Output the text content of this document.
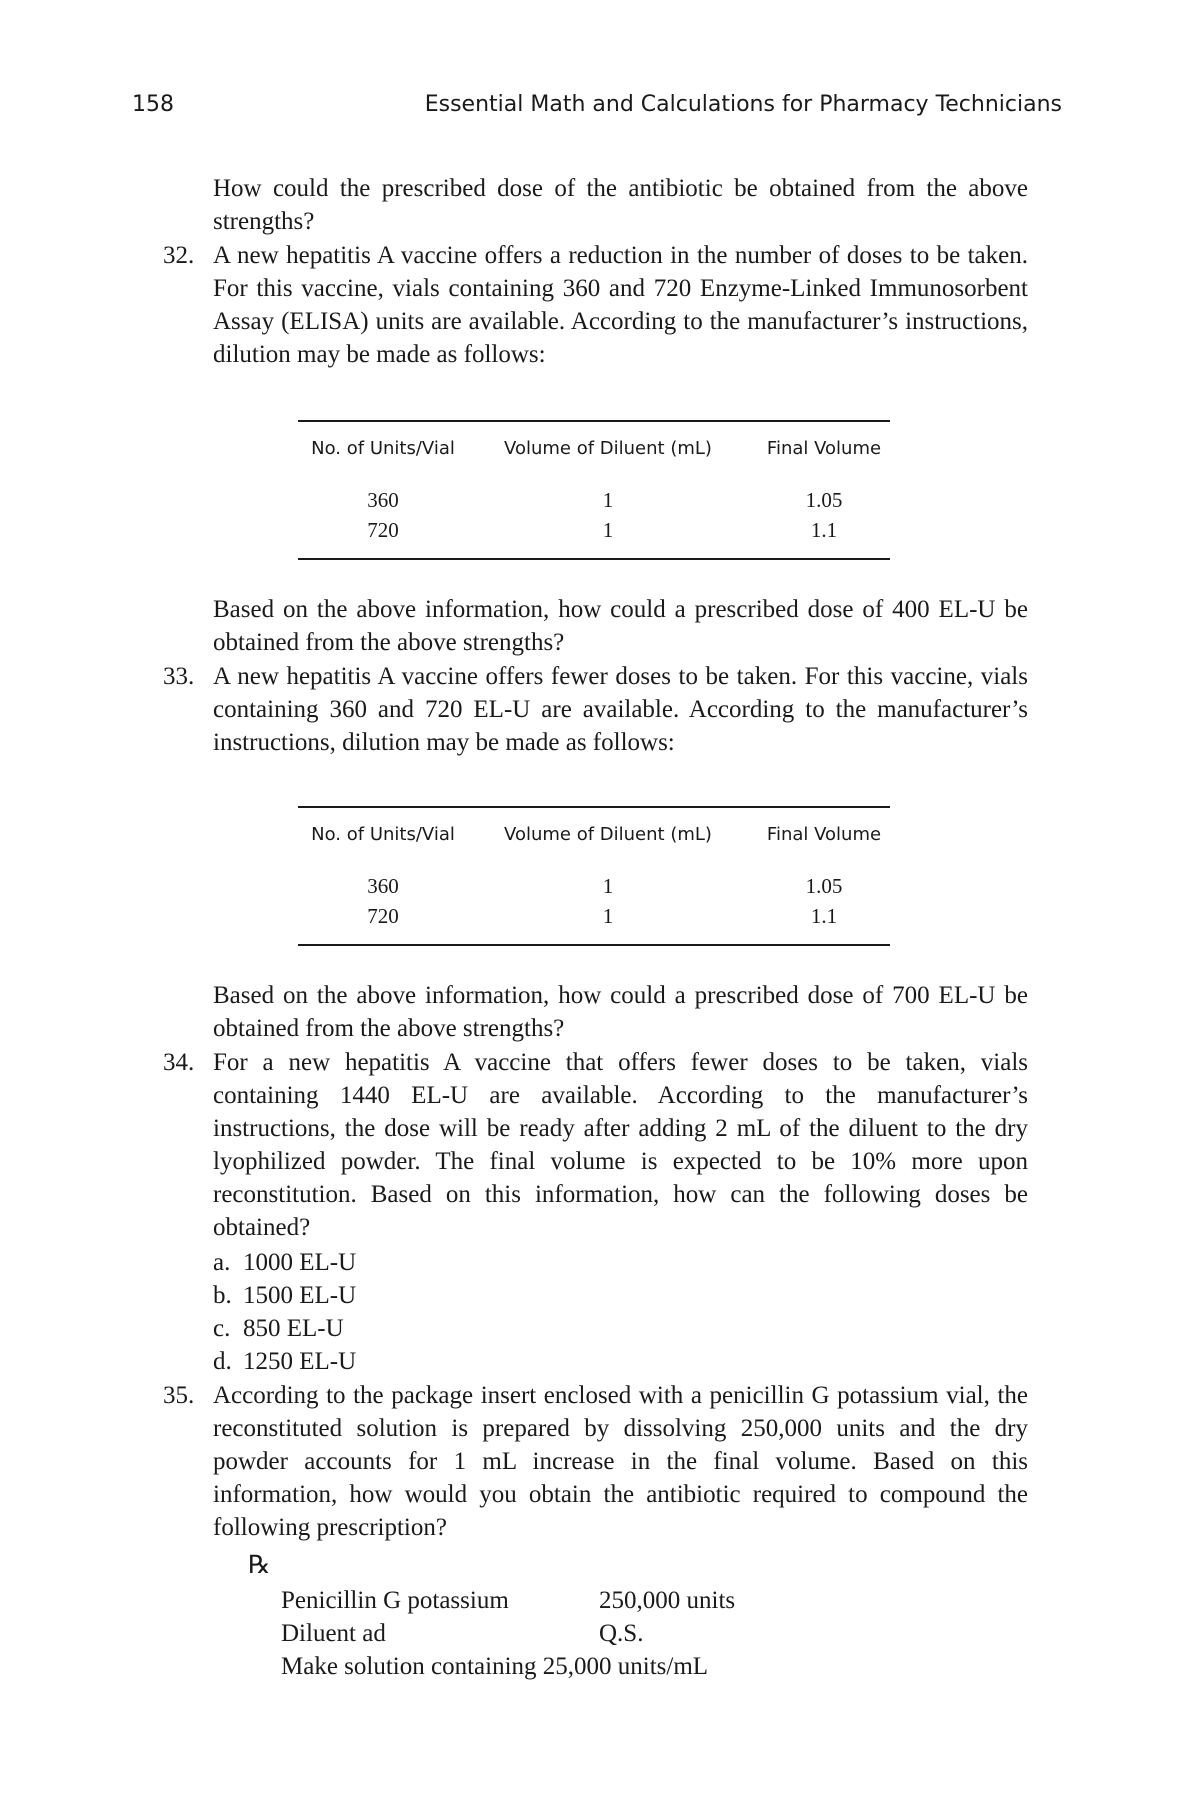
158	Essential Math and Calculations for Pharmacy Technicians

How could the prescribed dose of the antibiotic be obtained from the above strengths?

32. A new hepatitis A vaccine offers a reduction in the number of doses to be taken. For this vaccine, vials containing 360 and 720 Enzyme-Linked Immunosorbent Assay (ELISA) units are available. According to the manufacturer’s instructions, dilution may be made as follows:

No. of Units/Vial	Volume of Diluent (mL)	Final Volume
360	1	1.05
720	1	1.1

Based on the above information, how could a prescribed dose of 400 EL-U be obtained from the above strengths?

33. A new hepatitis A vaccine offers fewer doses to be taken. For this vaccine, vials containing 360 and 720 EL-U are available. According to the manufacturer’s instructions, dilution may be made as follows:

No. of Units/Vial	Volume of Diluent (mL)	Final Volume
360	1	1.05
720	1	1.1

Based on the above information, how could a prescribed dose of 700 EL-U be obtained from the above strengths?

34. For a new hepatitis A vaccine that offers fewer doses to be taken, vials containing 1440 EL-U are available. According to the manufacturer’s instructions, the dose will be ready after adding 2 mL of the diluent to the dry lyophilized powder. The final volume is expected to be 10% more upon reconstitution. Based on this information, how can the following doses be obtained?

a. 1000 EL-U
b. 1500 EL-U
c. 850 EL-U
d. 1250 EL-U
35. According to the package insert enclosed with a penicillin G potassium vial, the reconstituted solution is prepared by dissolving 250,000 units and the dry powder accounts for 1 mL increase in the final volume. Based on this information, how would you obtain the antibiotic required to compound the following prescription?

℞
Penicillin G potassium	250,000 units
Diluent ad	Q.S.
Make solution containing 25,000 units/mL
